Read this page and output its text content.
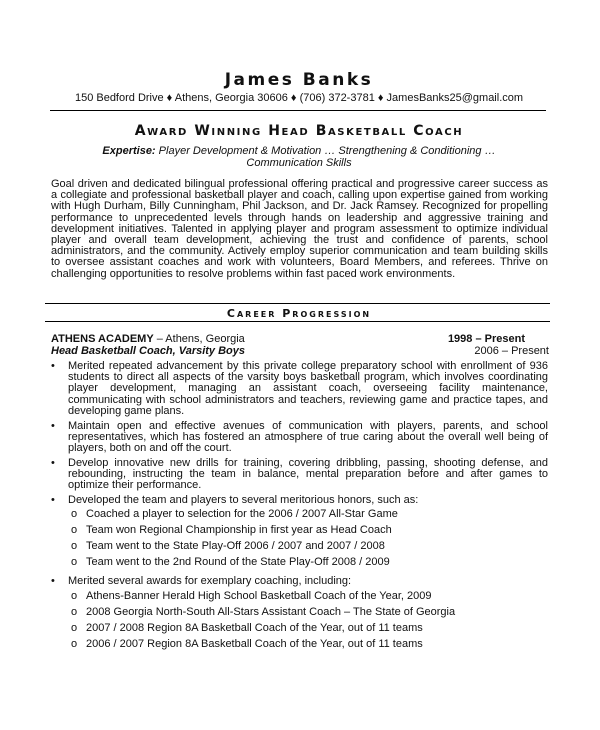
James Banks
150 Bedford Drive ♦ Athens, Georgia 30606 ♦ (706) 372-3781 ♦ JamesBanks25@gmail.com
Award Winning Head Basketball Coach
Expertise: Player Development & Motivation … Strengthening & Conditioning … Communication Skills
Goal driven and dedicated bilingual professional offering practical and progressive career success as a collegiate and professional basketball player and coach, calling upon expertise gained from working with Hugh Durham, Billy Cunningham, Phil Jackson, and Dr. Jack Ramsey. Recognized for propelling performance to unprecedented levels through hands on leadership and aggressive training and development initiatives. Talented in applying player and program assessment to optimize individual player and overall team development, achieving the trust and confidence of parents, school administrators, and the community. Actively employ superior communication and team building skills to oversee assistant coaches and work with volunteers, Board Members, and referees. Thrive on challenging opportunities to resolve problems within fast paced work environments.
Career Progression
ATHENS ACADEMY – Athens, Georgia	1998 – Present
Head Basketball Coach, Varsity Boys	2006 – Present
• Merited repeated advancement by this private college preparatory school with enrollment of 936 students to direct all aspects of the varsity boys basketball program, which involves coordinating player development, managing an assistant coach, overseeing facility maintenance, communicating with school administrators and teachers, reviewing game and practice tapes, and developing game plans.
• Maintain open and effective avenues of communication with players, parents, and school representatives, which has fostered an atmosphere of true caring about the overall well being of players, both on and off the court.
• Develop innovative new drills for training, covering dribbling, passing, shooting defense, and rebounding, instructing the team in balance, mental preparation before and after games to optimize their performance.
• Developed the team and players to several meritorious honors, such as:
o Coached a player to selection for the 2006 / 2007 All-Star Game
o Team won Regional Championship in first year as Head Coach
o Team went to the State Play-Off 2006 / 2007 and 2007 / 2008
o Team went to the 2nd Round of the State Play-Off 2008 / 2009
• Merited several awards for exemplary coaching, including:
o Athens-Banner Herald High School Basketball Coach of the Year, 2009
o 2008 Georgia North-South All-Stars Assistant Coach – The State of Georgia
o 2007 / 2008 Region 8A Basketball Coach of the Year, out of 11 teams
o 2006 / 2007 Region 8A Basketball Coach of the Year, out of 11 teams
